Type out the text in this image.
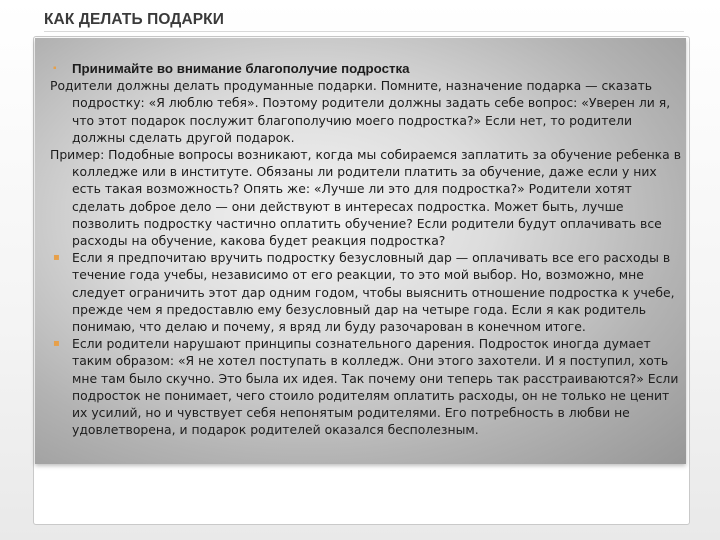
КАК ДЕЛАТЬ ПОДАРКИ
▪ Принимайте во внимание благополучие подростка
Родители должны делать продуманные подарки. Помните, назначение подарка — сказать подростку: «Я люблю тебя». Поэтому родители должны задать себе вопрос: «Уверен ли я, что этот подарок послужит благополучию моего подростка?» Если нет, то родители должны сделать другой подарок.
Пример: Подобные вопросы возникают, когда мы собираемся заплатить за обучение ребенка в колледже или в институте. Обязаны ли родители платить за обучение, даже если у них есть такая возможность? Опять же: «Лучше ли это для подростка?» Родители хотят сделать доброе дело — они действуют в интересах подростка. Может быть, лучше позволить подростку частично оплатить обучение? Если родители будут оплачивать все расходы на обучение, какова будет реакция подростка?
▪ Если я предпочитаю вручить подростку безусловный дар — оплачивать все его расходы в течение года учебы, независимо от его реакции, то это мой выбор. Но, возможно, мне следует ограничить этот дар одним годом, чтобы выяснить отношение подростка к учебе, прежде чем я предоставлю ему безусловный дар на четыре года. Если я как родитель понимаю, что делаю и почему, я вряд ли буду разочарован в конечном итоге.
▪ Если родители нарушают принципы сознательного дарения. Подросток иногда думает таким образом: «Я не хотел поступать в колледж. Они этого захотели. И я поступил, хоть мне там было скучно. Это была их идея. Так почему они теперь так расстраиваются?» Если подросток не понимает, чего стоило родителям оплатить расходы, он не только не ценит их усилий, но и чувствует себя непонятым родителями. Его потребность в любви не удовлетворена, и подарок родителей оказался бесполезным.
